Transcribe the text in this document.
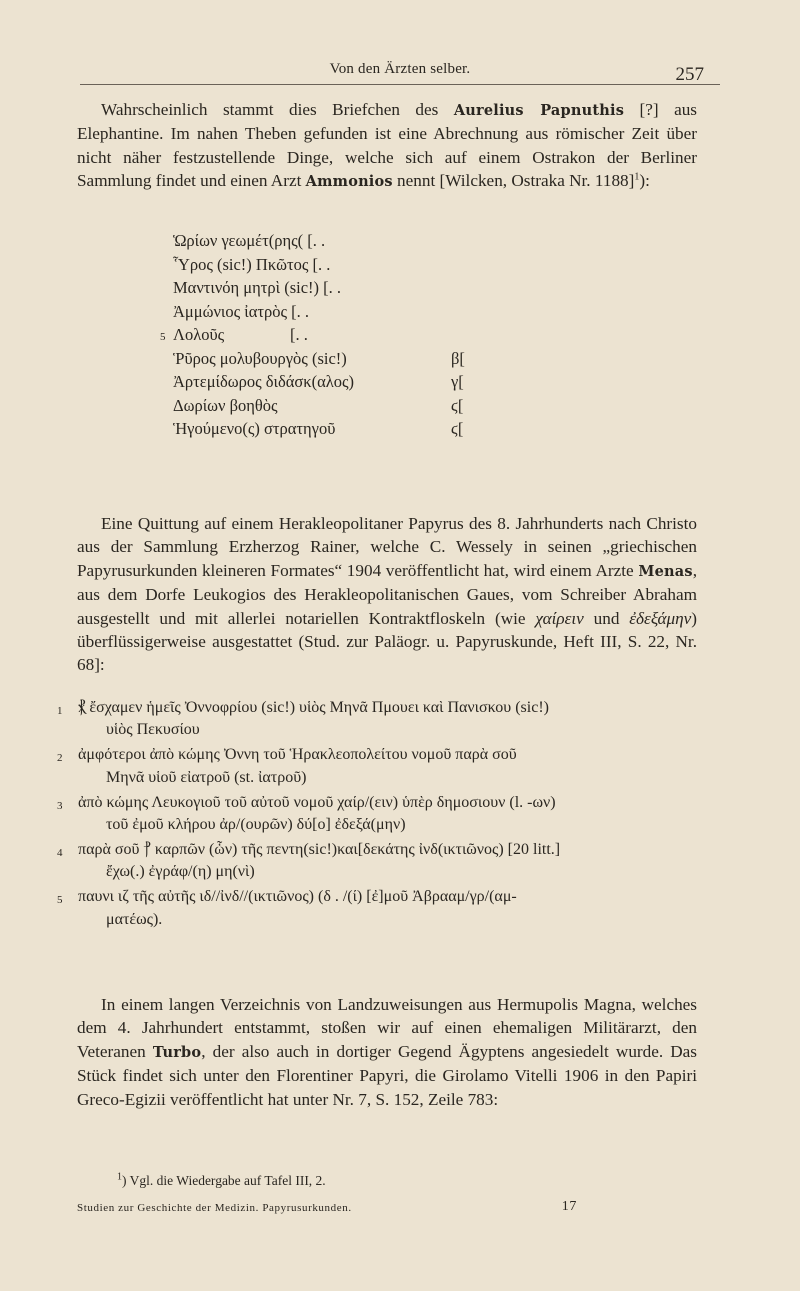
Von den Ärzten selber.	257

Wahrscheinlich stammt dies Briefchen des Aurelius Papnuthis [?] aus Elephantine. Im nahen Theben gefunden ist eine Abrechnung aus römischer Zeit über nicht näher festzustellende Dinge, welche sich auf einem Ostrakon der Berliner Sammlung findet und einen Arzt Ammonios nennt [Wilcken, Ostraka Nr. 1188]$^1$):

Ὡρίων γεωμέτ(ρης( [. .
Ὗρος (sic!) Πκῶτος [. .
Μαντινόη μητρὶ (sic!) [. .
Ἀμμώνιος ἰατρὸς [. .
5 Λολοῦς	[. .
Ῥῦρος μολυβουργὸς (sic!)	β[
Ἀρτεμίδωρος διδάσκ(αλος)	γ[
Δωρίων βοηθὸς	ϛ[
Ἡγούμενο(ς) στρατηγοῦ	ϛ[

Eine Quittung auf einem Herakleopolitaner Papyrus des 8. Jahrhunderts nach Christo aus der Sammlung Erzherzog Rainer, welche C. Wessely in seinen „griechischen Papyrusurkunden kleineren Formates“ 1904 veröffentlicht hat, wird einem Arzte Menas, aus dem Dorfe Leukogios des Herakleopolitanischen Gaues, vom Schreiber Abraham ausgestellt und mit allerlei notariellen Kontraktfloskeln (wie χαίρειν und ἐδεξάμην) überflüssigerweise ausgestattet (Stud. zur Paläogr. u. Papyruskunde, Heft III, S. 22, Nr. 68]:

1 ⳩ ἔσχαμεν ἡμεῖς Ὀννοφρίου (sic!) υἱὸς Μηνᾶ Πμουει καὶ Πανισκου (sic!)
υἱὸς Πεκυσίου
2 ἀμφότεροι ἀπὸ κώμης Ὀννη τοῦ Ἡρακλεοπολείτου νομοῦ παρὰ σοῦ
Μηνᾶ υἱοῦ εἰατροῦ (st. ἰατροῦ)
3 ἀπὸ κώμης Λευκογιοῦ τοῦ αὐτοῦ νομοῦ χαίρ/(ειν) ὑπὲρ δημοσιουν (l. -ων)
τοῦ ἐμοῦ κλήρου ἀρ/(ουρῶν) δύ[ο] ἐδεξά(μην)
4 παρὰ σοῦ ⳨ καρπῶν (ὧν) τῆς πεντη(sic!)και[δεκάτης ἰνδ(ικτιῶνος) [20 litt.]
ἔχω(.) ἐγράφ/(η) μη(νὶ)
5 παυνι ιζ τῆς αὐτῆς ιδ//ἰνδ//(ικτιῶνος) (δ . /(ί) [ἐ]μοῦ Ἀβρααμ/γρ/(αμ-
ματέως).

In einem langen Verzeichnis von Landzuweisungen aus Hermupolis Magna, welches dem 4. Jahrhundert entstammt, stoßen wir auf einen ehemaligen Militärarzt, den Veteranen Turbo, der also auch in dortiger Gegend Ägyptens angesiedelt wurde. Das Stück findet sich unter den Florentiner Papyri, die Girolamo Vitelli 1906 in den Papiri Greco-Egizii veröffentlicht hat unter Nr. 7, S. 152, Zeile 783:

$^1$) Vgl. die Wiedergabe auf Tafel III, 2.
Studien zur Geschichte der Medizin. Papyrusurkunden.	17
